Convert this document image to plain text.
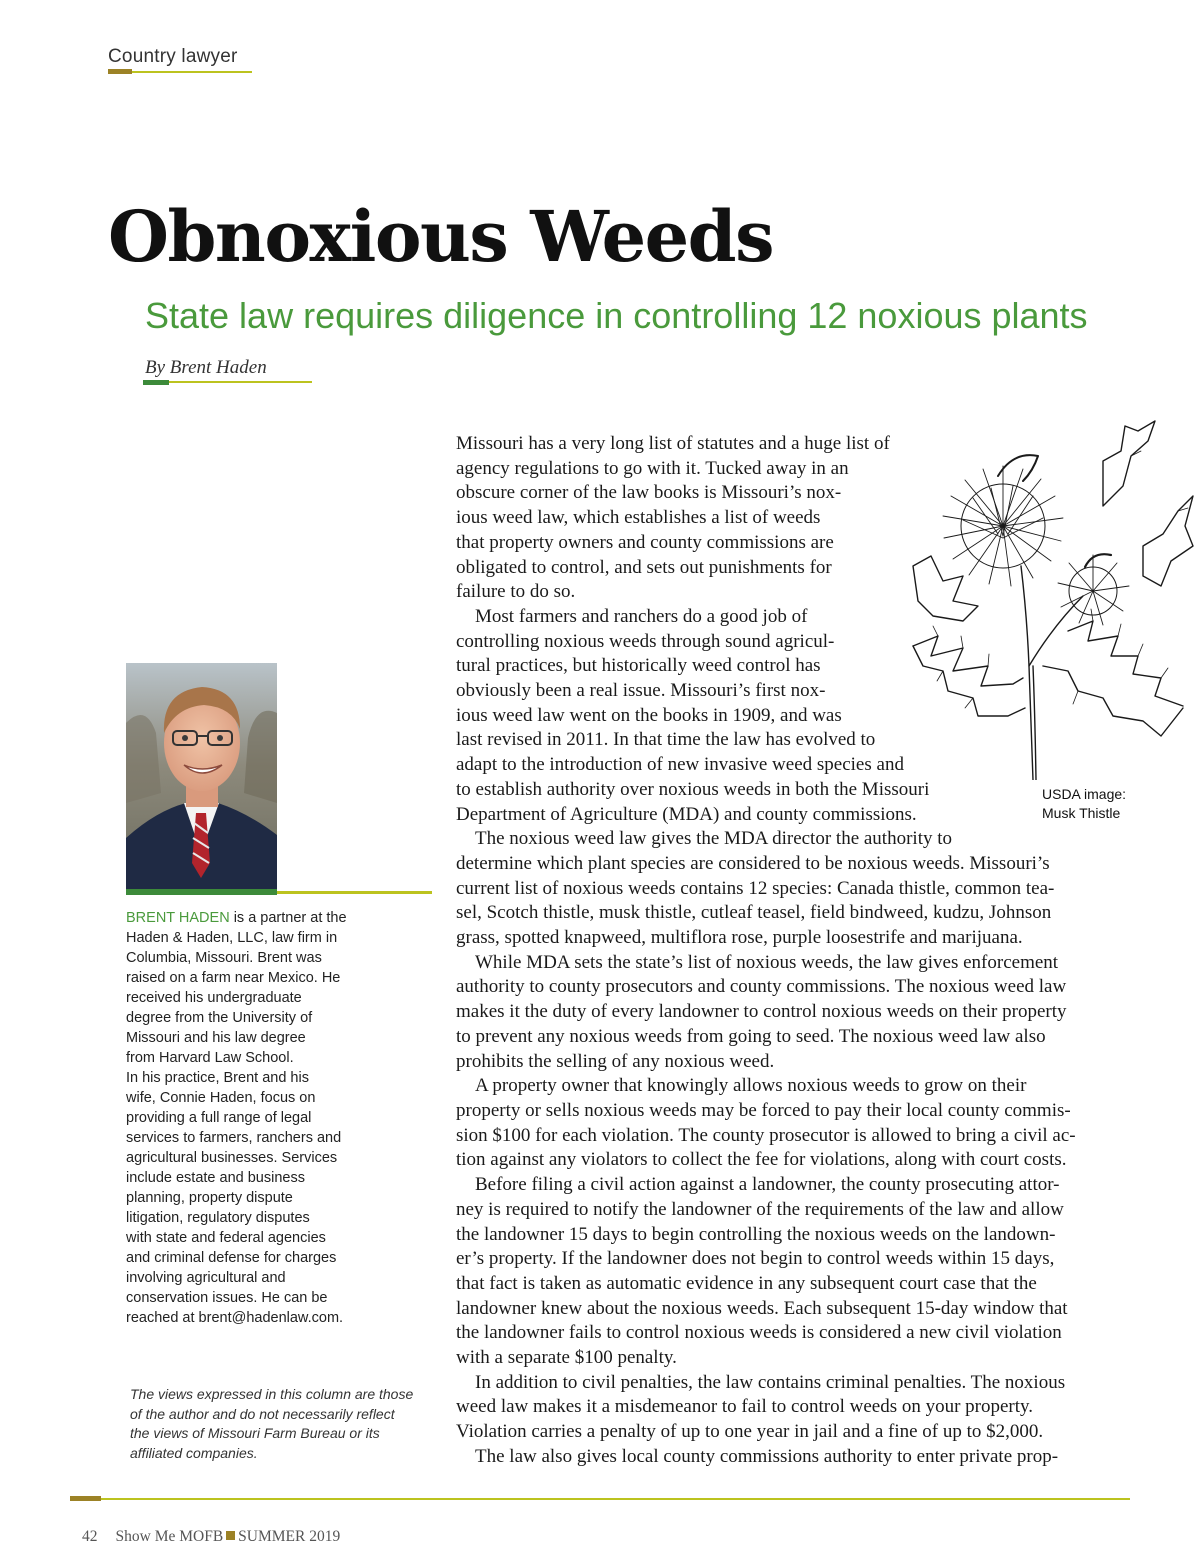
Country lawyer
Obnoxious Weeds
State law requires diligence in controlling 12 noxious plants
By Brent Haden
BRENT HADEN is a partner at the
Haden & Haden, LLC, law firm in
Columbia, Missouri. Brent was
raised on a farm near Mexico. He
received his undergraduate
degree from the University of
Missouri and his law degree
from Harvard Law School.
In his practice, Brent and his
wife, Connie Haden, focus on
providing a full range of legal
services to farmers, ranchers and
agricultural businesses. Services
include estate and business
planning, property dispute
litigation, regulatory disputes
with state and federal agencies
and criminal defense for charges
involving agricultural and
conservation issues. He can be
reached at brent@hadenlaw.com.
The views expressed in this column are those
of the author and do not necessarily reflect
the views of Missouri Farm Bureau or its
affiliated companies.
USDA image:
Musk Thistle
Missouri has a very long list of statutes and a huge list of
agency regulations to go with it. Tucked away in an
obscure corner of the law books is Missouri’s nox-
ious weed law, which establishes a list of weeds
that property owners and county commissions are
obligated to control, and sets out punishments for
failure to do so.
Most farmers and ranchers do a good job of
controlling noxious weeds through sound agricul-
tural practices, but historically weed control has
obviously been a real issue. Missouri’s first nox-
ious weed law went on the books in 1909, and was
last revised in 2011. In that time the law has evolved to
adapt to the introduction of new invasive weed species and
to establish authority over noxious weeds in both the Missouri
Department of Agriculture (MDA) and county commissions.
The noxious weed law gives the MDA director the authority to
determine which plant species are considered to be noxious weeds. Missouri’s
current list of noxious weeds contains 12 species: Canada thistle, common tea-
sel, Scotch thistle, musk thistle, cutleaf teasel, field bindweed, kudzu, Johnson
grass, spotted knapweed, multiflora rose, purple loosestrife and marijuana.
While MDA sets the state’s list of noxious weeds, the law gives enforcement
authority to county prosecutors and county commissions. The noxious weed law
makes it the duty of every landowner to control noxious weeds on their property
to prevent any noxious weeds from going to seed. The noxious weed law also
prohibits the selling of any noxious weed.
A property owner that knowingly allows noxious weeds to grow on their
property or sells noxious weeds may be forced to pay their local county commis-
sion $100 for each violation. The county prosecutor is allowed to bring a civil ac-
tion against any violators to collect the fee for violations, along with court costs.
Before filing a civil action against a landowner, the county prosecuting attor-
ney is required to notify the landowner of the requirements of the law and allow
the landowner 15 days to begin controlling the noxious weeds on the landown-
er’s property. If the landowner does not begin to control weeds within 15 days,
that fact is taken as automatic evidence in any subsequent court case that the
landowner knew about the noxious weeds. Each subsequent 15-day window that
the landowner fails to control noxious weeds is considered a new civil violation
with a separate $100 penalty.
In addition to civil penalties, the law contains criminal penalties. The noxious
weed law makes it a misdemeanor to fail to control weeds on your property.
Violation carries a penalty of up to one year in jail and a fine of up to $2,000.
The law also gives local county commissions authority to enter private prop-
42 Show Me MOFB SUMMER 2019
